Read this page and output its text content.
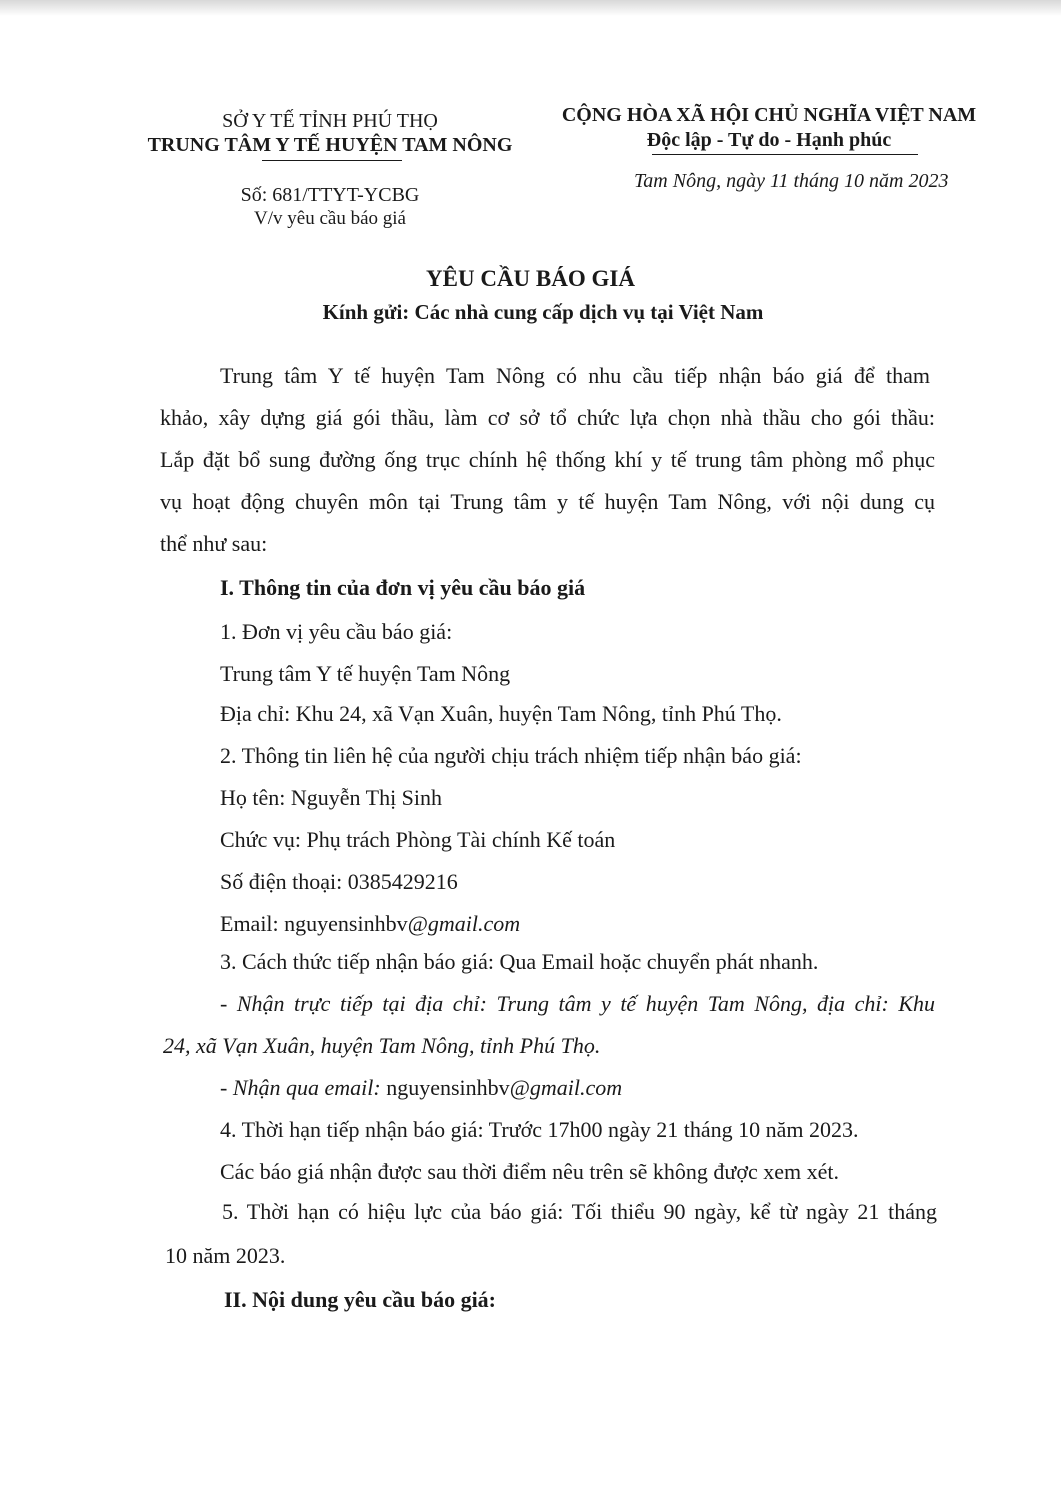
SỞ Y TẾ TỈNH PHÚ THỌ
TRUNG TÂM Y TẾ HUYỆN TAM NÔNG
Số: 681/TTYT-YCBG
V/v yêu cầu báo giá
CỘNG HÒA XÃ HỘI CHỦ NGHĨA VIỆT NAM
Độc lập - Tự do - Hạnh phúc
Tam Nông, ngày 11 tháng 10 năm 2023
YÊU CẦU BÁO GIÁ
Kính gửi: Các nhà cung cấp dịch vụ tại Việt Nam
Trung tâm Y tế huyện Tam Nông có nhu cầu tiếp nhận báo giá để tham
khảo, xây dựng giá gói thầu, làm cơ sở tổ chức lựa chọn nhà thầu cho gói thầu:
Lắp đặt bổ sung đường ống trục chính hệ thống khí y tế trung tâm phòng mổ phục
vụ hoạt động chuyên môn tại Trung tâm y tế huyện Tam Nông, với nội dung cụ
thể như sau:
I. Thông tin của đơn vị yêu cầu báo giá
1. Đơn vị yêu cầu báo giá:
Trung tâm Y tế huyện Tam Nông
Địa chỉ: Khu 24, xã Vạn Xuân, huyện Tam Nông, tỉnh Phú Thọ.
2. Thông tin liên hệ của người chịu trách nhiệm tiếp nhận báo giá:
Họ tên: Nguyễn Thị Sinh
Chức vụ: Phụ trách Phòng Tài chính Kế toán
Số điện thoại: 0385429216
Email: nguyensinhbv@gmail.com
3. Cách thức tiếp nhận báo giá: Qua Email hoặc chuyển phát nhanh.
- Nhận trực tiếp tại địa chỉ: Trung tâm y tế huyện Tam Nông, địa chỉ: Khu
24, xã Vạn Xuân, huyện Tam Nông, tỉnh Phú Thọ.
- Nhận qua email: nguyensinhbv@gmail.com
4. Thời hạn tiếp nhận báo giá: Trước 17h00 ngày 21 tháng 10 năm 2023.
Các báo giá nhận được sau thời điểm nêu trên sẽ không được xem xét.
5. Thời hạn có hiệu lực của báo giá: Tối thiểu 90 ngày, kể từ ngày 21 tháng
10 năm 2023.
II. Nội dung yêu cầu báo giá:
